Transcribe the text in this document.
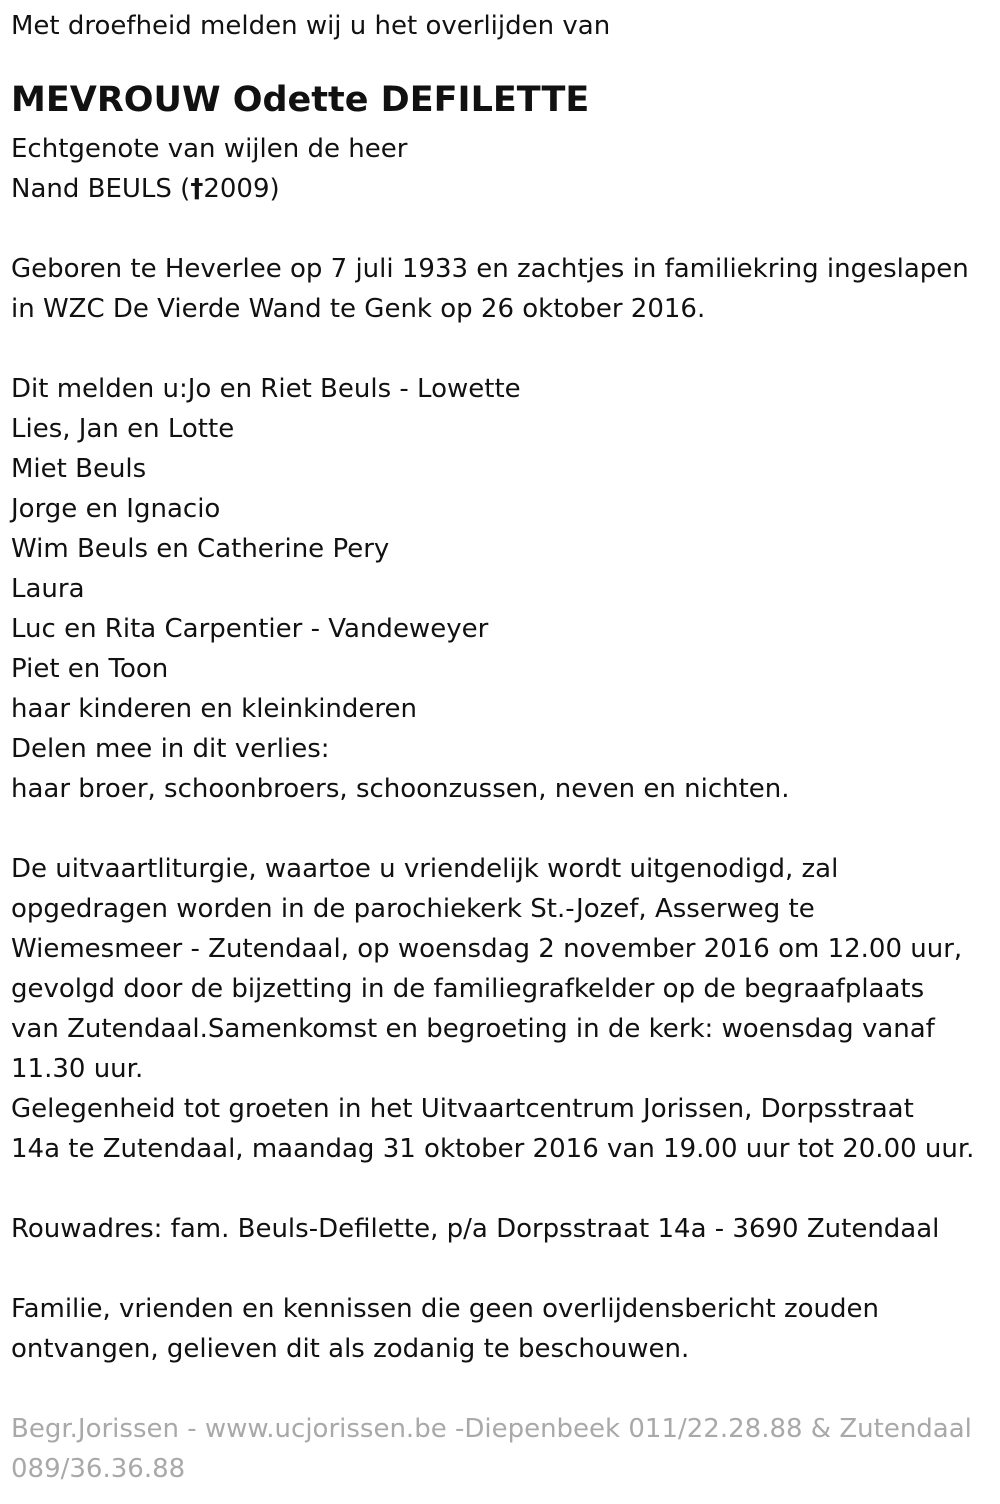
Met droefheid melden wij u het overlijden van
MEVROUW Odette DEFILETTE
Echtgenote van wijlen de heer
Nand BEULS (†2009)
Geboren te Heverlee op 7 juli 1933 en zachtjes in familiekring ingeslapen
in WZC De Vierde Wand te Genk op 26 oktober 2016.
Dit melden u:Jo en Riet Beuls - Lowette
Lies, Jan en Lotte
Miet Beuls
Jorge en Ignacio
Wim Beuls en Catherine Pery
Laura
Luc en Rita Carpentier - Vandeweyer
Piet en Toon
haar kinderen en kleinkinderen
Delen mee in dit verlies:
haar broer, schoonbroers, schoonzussen, neven en nichten.
De uitvaartliturgie, waartoe u vriendelijk wordt uitgenodigd, zal
opgedragen worden in de parochiekerk St.-Jozef, Asserweg te
Wiemesmeer - Zutendaal, op woensdag 2 november 2016 om 12.00 uur,
gevolgd door de bijzetting in de familiegrafkelder op de begraafplaats
van Zutendaal.Samenkomst en begroeting in de kerk: woensdag vanaf
11.30 uur.
Gelegenheid tot groeten in het Uitvaartcentrum Jorissen, Dorpsstraat
14a te Zutendaal, maandag 31 oktober 2016 van 19.00 uur tot 20.00 uur.
Rouwadres: fam. Beuls-Defilette, p/a Dorpsstraat 14a - 3690 Zutendaal
Familie, vrienden en kennissen die geen overlijdensbericht zouden
ontvangen, gelieven dit als zodanig te beschouwen.
Begr.Jorissen - www.ucjorissen.be -Diepenbeek 011/22.28.88 & Zutendaal
089/36.36.88
